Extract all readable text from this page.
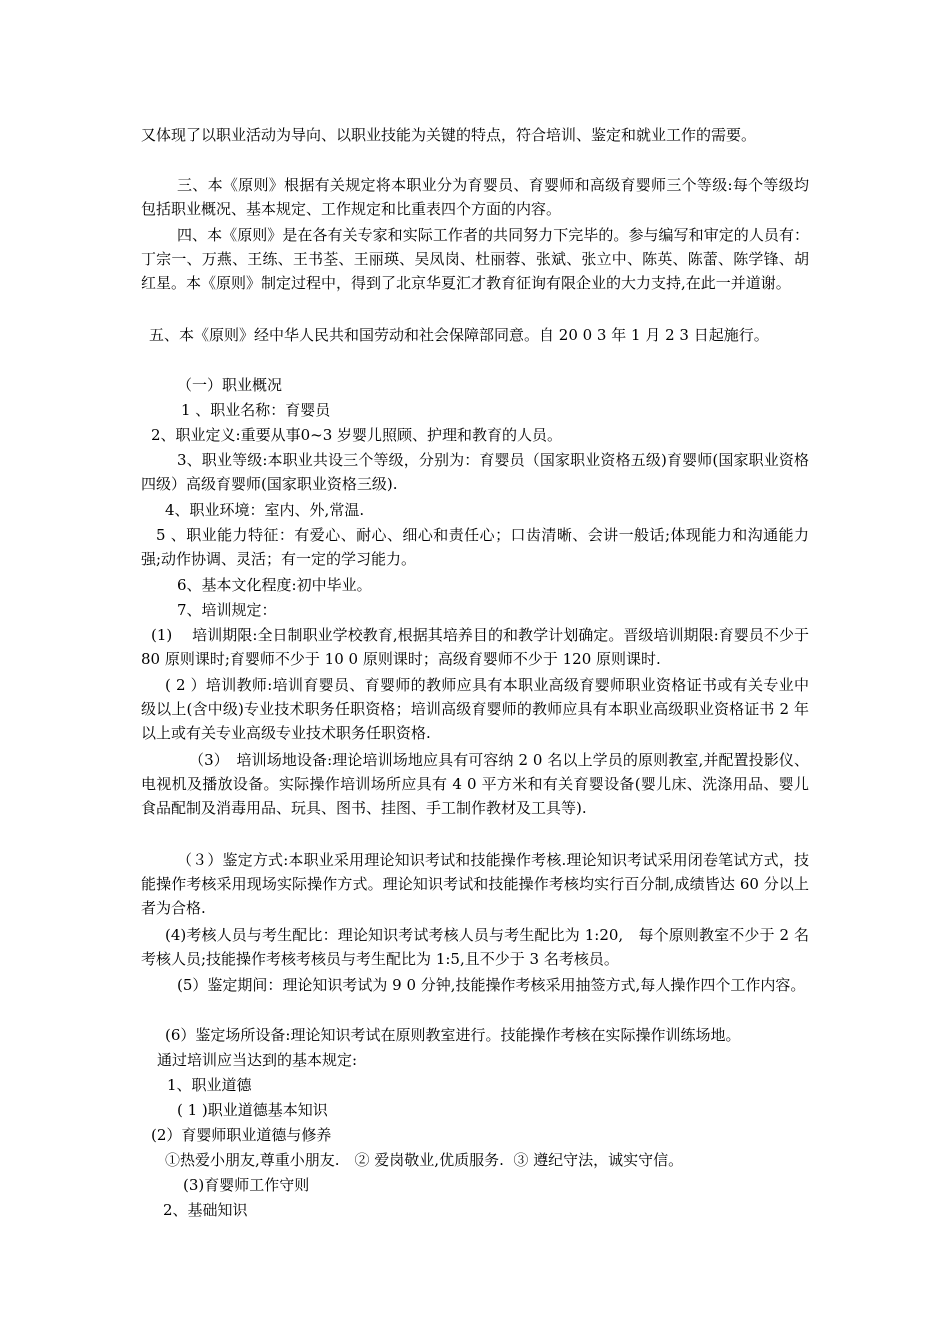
又体现了以职业活动为导向、以职业技能为关键的特点，符合培训、鉴定和就业工作的需要。
三、本《原则》根据有关规定将本职业分为育婴员、育婴师和高级育婴师三个等级:每个等级均包括职业概况、基本规定、工作规定和比重表四个方面的内容。
四、本《原则》是在各有关专家和实际工作者的共同努力下完毕的。参与编写和审定的人员有：丁宗一、万燕、王练、王书荃、王丽瑛、吴凤岗、杜丽蓉、张斌、张立中、陈英、陈蕾、陈学锋、胡红星。本《原则》制定过程中，得到了北京华夏汇才教育征询有限企业的大力支持,在此一并道谢。
五、本《原则》经中华人民共和国劳动和社会保障部同意。自 20 0 3 年 1 月 2 3 日起施行。
（一）职业概况
1 、职业名称：育婴员
2、职业定义:重要从事0~3 岁婴儿照顾、护理和教育的人员。
3、职业等级:本职业共设三个等级，分别为：育婴员（国家职业资格五级)育婴师(国家职业资格四级）高级育婴师(国家职业资格三级).
4、职业环境：室内、外,常温.
5 、职业能力特征：有爱心、耐心、细心和责任心；口齿清晰、会讲一般话;体现能力和沟通能力强;动作协调、灵活；有一定的学习能力。
6、基本文化程度:初中毕业。
7、培训规定：
(1)　 培训期限:全日制职业学校教育,根据其培养目的和教学计划确定。晋级培训期限:育婴员不少于 80 原则课时;育婴师不少于 10 0 原则课时；高级育婴师不少于 120 原则课时.
( 2 ）培训教师:培训育婴员、育婴师的教师应具有本职业高级育婴师职业资格证书或有关专业中级以上(含中级)专业技术职务任职资格；培训高级育婴师的教师应具有本职业高级职业资格证书 2 年以上或有关专业高级专业技术职务任职资格.
（3）　培训场地设备:理论培训场地应具有可容纳 2 0 名以上学员的原则教室,并配置投影仪、电视机及播放设备。实际操作培训场所应具有 4 0 平方米和有关育婴设备(婴儿床、洗涤用品、婴儿食品配制及消毒用品、玩具、图书、挂图、手工制作教材及工具等).
（３）鉴定方式:本职业采用理论知识考试和技能操作考核.理论知识考试采用闭卷笔试方式，技能操作考核采用现场实际操作方式。理论知识考试和技能操作考核均实行百分制,成绩皆达 60 分以上者为合格.
(4)考核人员与考生配比：理论知识考试考核人员与考生配比为 1:20,　每个原则教室不少于 2 名考核人员;技能操作考核考核员与考生配比为 1:5,且不少于 3 名考核员。
(5）鉴定期间：理论知识考试为 9 0 分钟,技能操作考核采用抽签方式,每人操作四个工作内容。
(6）鉴定场所设备:理论知识考试在原则教室进行。技能操作考核在实际操作训练场地。
通过培训应当达到的基本规定:
1、职业道德
( 1 )职业道德基本知识
(2）育婴师职业道德与修养
①热爱小朋友,尊重小朋友.　② 爱岗敬业,优质服务.  ③ 遵纪守法，诚实守信。
(3)育婴师工作守则
2、基础知识
